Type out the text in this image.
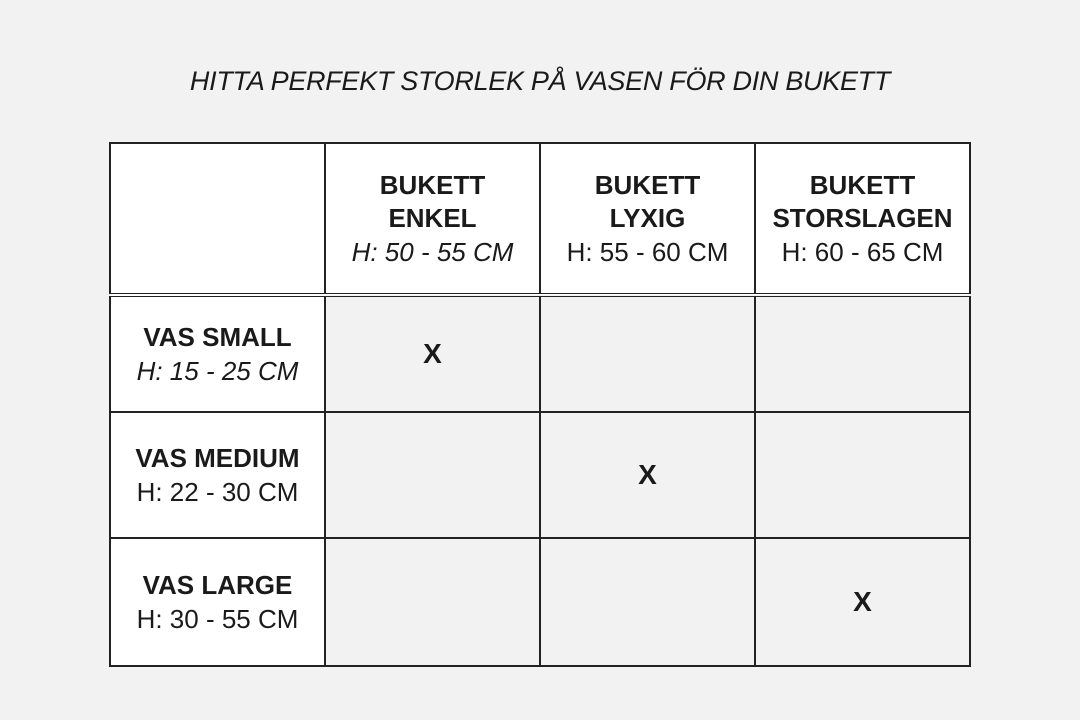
HITTA PERFEKT STORLEK PÅ VASEN FÖR DIN BUKETT

	BUKETT
ENKEL
H: 50 - 55 CM	BUKETT
LYXIG
H: 55 - 60 CM	BUKETT
STORSLAGEN
H: 60 - 65 CM

VAS SMALL
H: 15 - 25 CM	X		

VAS MEDIUM
H: 22 - 30 CM		X	

VAS LARGE
H: 30 - 55 CM			X
